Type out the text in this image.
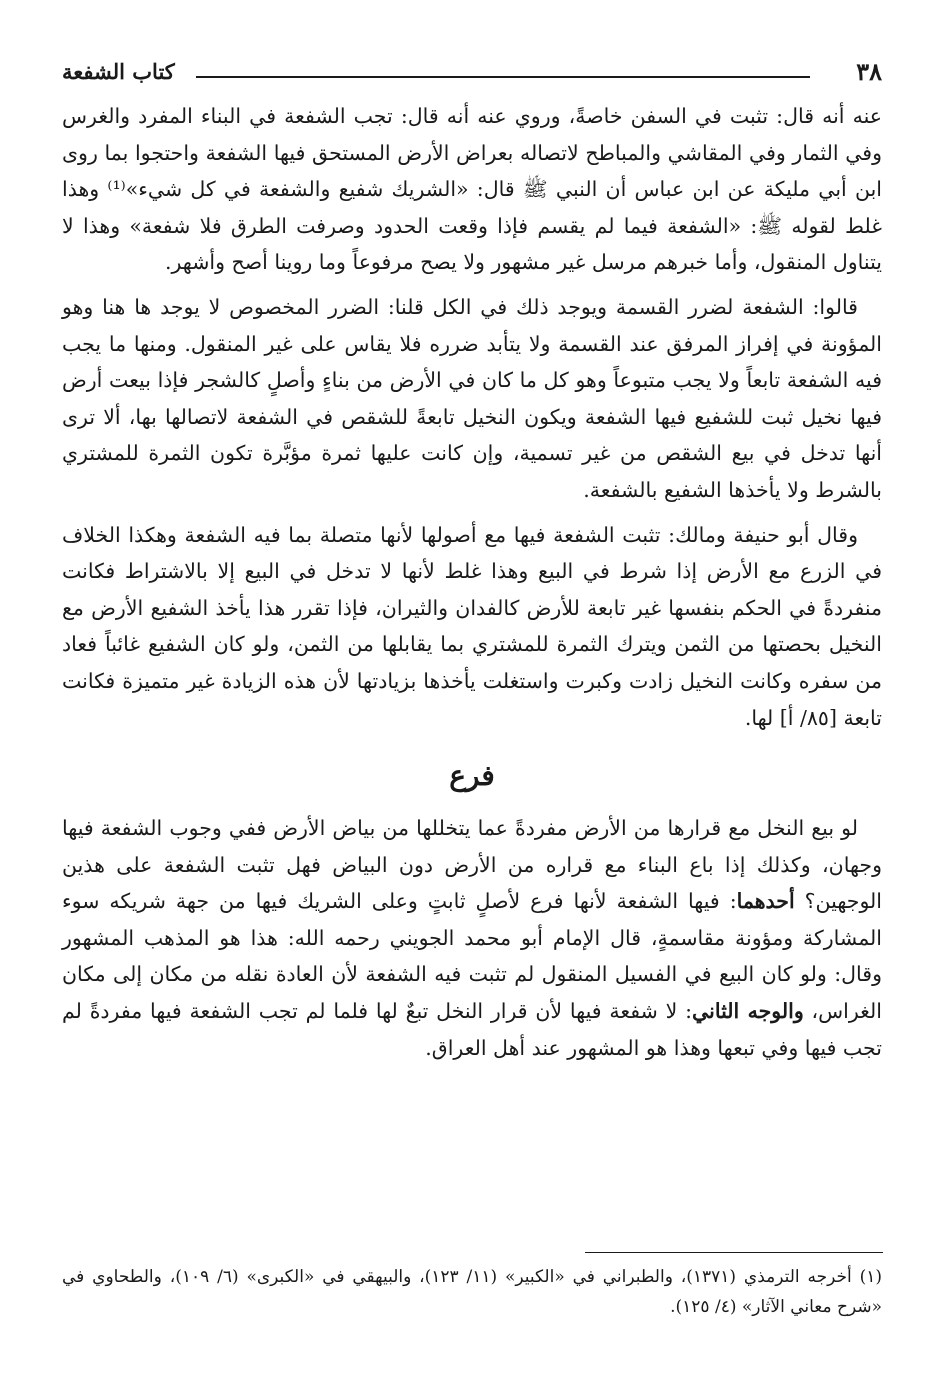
٣٨
كتاب الشفعة

عنه أنه قال: تثبت في السفن خاصةً، وروي عنه أنه قال: تجب الشفعة في البناء المفرد والغرس وفي الثمار وفي المقاشي والمباطح لاتصاله بعراض الأرض المستحق فيها الشفعة واحتجوا بما روى ابن أبي مليكة عن ابن عباس أن النبي ﷺ قال: «الشريك شفيع والشفعة في كل شيء»⁽¹⁾ وهذا غلط لقوله ﷺ: «الشفعة فيما لم يقسم فإذا وقعت الحدود وصرفت الطرق فلا شفعة» وهذا لا يتناول المنقول، وأما خبرهم مرسل غير مشهور ولا يصح مرفوعاً وما روينا أصح وأشهر.

قالوا: الشفعة لضرر القسمة ويوجد ذلك في الكل قلنا: الضرر المخصوص لا يوجد ها هنا وهو المؤونة في إفراز المرفق عند القسمة ولا يتأبد ضرره فلا يقاس على غير المنقول. ومنها ما يجب فيه الشفعة تابعاً ولا يجب متبوعاً وهو كل ما كان في الأرض من بناءٍ وأصلٍ كالشجر فإذا بيعت أرض فيها نخيل ثبت للشفيع فيها الشفعة ويكون النخيل تابعةً للشقص في الشفعة لاتصالها بها، ألا ترى أنها تدخل في بيع الشقص من غير تسمية، وإن كانت عليها ثمرة مؤبَّرة تكون الثمرة للمشتري بالشرط ولا يأخذها الشفيع بالشفعة.

وقال أبو حنيفة ومالك: تثبت الشفعة فيها مع أصولها لأنها متصلة بما فيه الشفعة وهكذا الخلاف في الزرع مع الأرض إذا شرط في البيع وهذا غلط لأنها لا تدخل في البيع إلا بالاشتراط فكانت منفردةً في الحكم بنفسها غير تابعة للأرض كالفدان والثيران، فإذا تقرر هذا يأخذ الشفيع الأرض مع النخيل بحصتها من الثمن ويترك الثمرة للمشتري بما يقابلها من الثمن، ولو كان الشفيع غائباً فعاد من سفره وكانت النخيل زادت وكبرت واستغلت يأخذها بزيادتها لأن هذه الزيادة غير متميزة فكانت تابعة [٨٥/ أ] لها.

فرع

لو بيع النخل مع قرارها من الأرض مفردةً عما يتخللها من بياض الأرض ففي وجوب الشفعة فيها وجهان، وكذلك إذا باع البناء مع قراره من الأرض دون البياض فهل تثبت الشفعة على هذين الوجهين؟ أحدهما: فيها الشفعة لأنها فرع لأصلٍ ثابتٍ وعلى الشريك فيها من جهة شريكه سوء المشاركة ومؤونة مقاسمةٍ، قال الإمام أبو محمد الجويني رحمه الله: هذا هو المذهب المشهور وقال: ولو كان البيع في الفسيل المنقول لم تثبت فيه الشفعة لأن العادة نقله من مكان إلى مكان الغراس، والوجه الثاني: لا شفعة فيها لأن قرار النخل تبعٌ لها فلما لم تجب الشفعة فيها مفردةً لم تجب فيها وفي تبعها وهذا هو المشهور عند أهل العراق.

(١) أخرجه الترمذي (١٣٧١)، والطبراني في «الكبير» (١١/ ١٢٣)، والبيهقي في «الكبرى» (٦/ ١٠٩)، والطحاوي في «شرح معاني الآثار» (٤/ ١٢٥).
